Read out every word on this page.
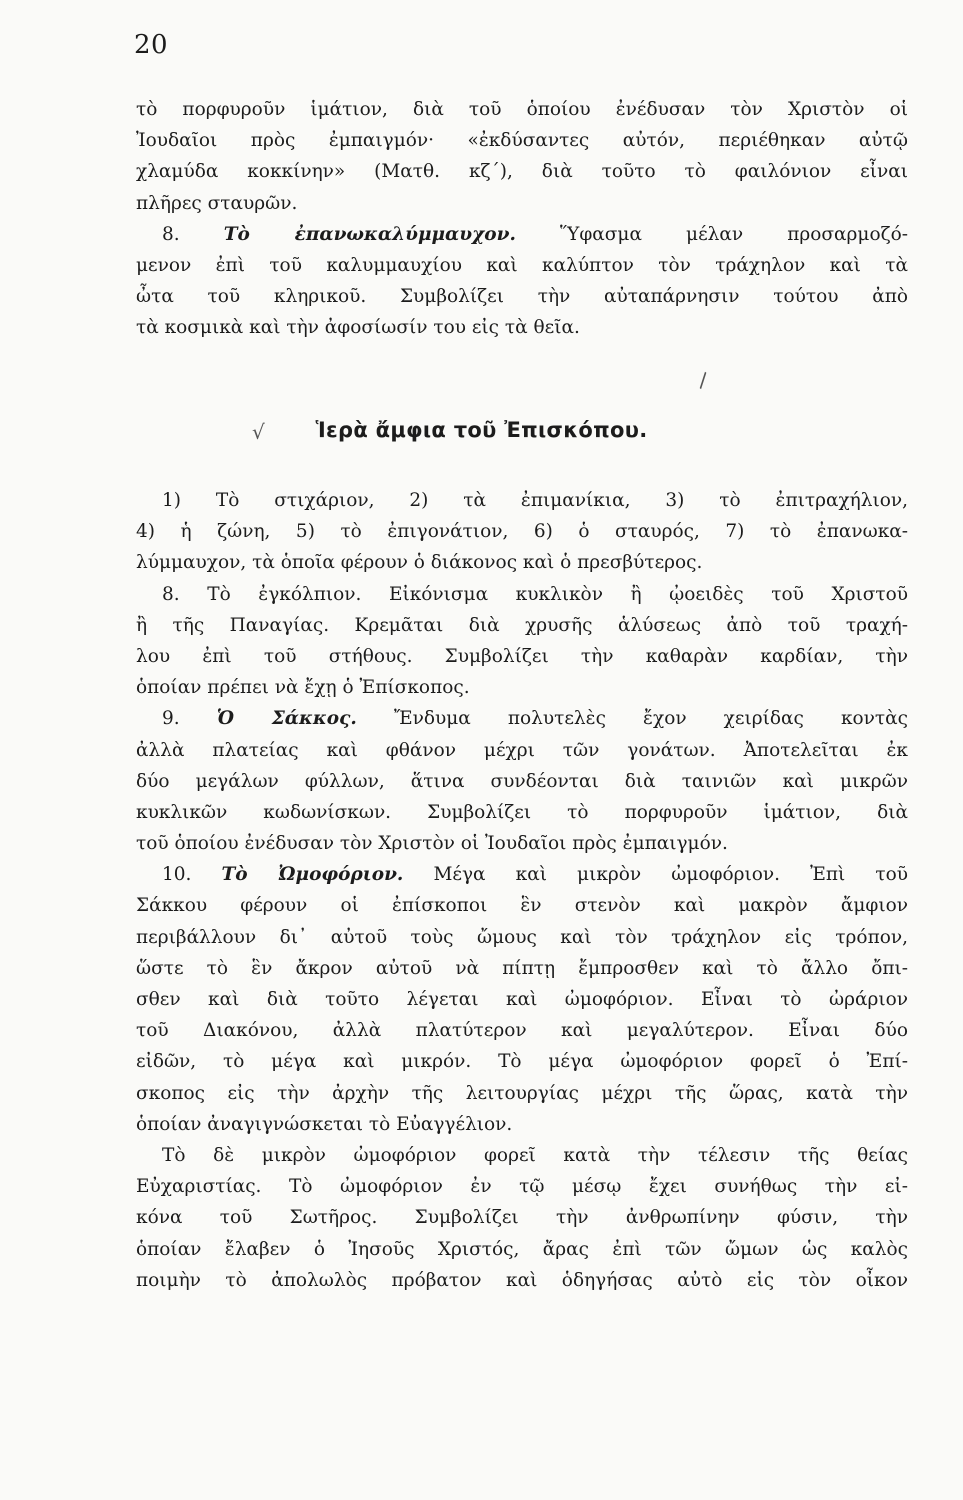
20
τὸ πορφυροῦν ἱμάτιον, διὰ τοῦ ὁποίου ἐνέδυσαν τὸν Χριστὸν οἱ
Ἰουδαῖοι πρὸς ἐμπαιγμόν· «ἐκδύσαντες αὐτόν, περιέθηκαν αὐτῷ
χλαμύδα κοκκίνην» (Ματθ. κζ΄), διὰ τοῦτο τὸ φαιλόνιον εἶναι
πλῆρες σταυρῶν.
8. Τὸ ἐπανωκαλύμμαυχον. Ὕφασμα μέλαν προσαρμοζό-
μενον ἐπὶ τοῦ καλυμμαυχίου καὶ καλύπτον τὸν τράχηλον καὶ τὰ
ὦτα τοῦ κληρικοῦ. Συμβολίζει τὴν αὐταπάρνησιν τούτου ἀπὸ
τὰ κοσμικὰ καὶ τὴν ἀφοσίωσίν του εἰς τὰ θεῖα.
\
√	Ἱερὰ ἄμφια τοῦ Ἐπισκόπου.
1) Τὸ στιχάριον, 2) τὰ ἐπιμανίκια, 3) τὸ ἐπιτραχήλιον,
4) ἡ ζώνη, 5) τὸ ἐπιγονάτιον, 6) ὁ σταυρός, 7) τὸ ἐπανωκα-
λύμμαυχον, τὰ ὁποῖα φέρουν ὁ διάκονος καὶ ὁ πρεσβύτερος.
8. Τὸ ἐγκόλπιον. Εἰκόνισμα κυκλικὸν ἢ ᾠοειδὲς τοῦ Χριστοῦ
ἢ τῆς Παναγίας. Κρεμᾶται διὰ χρυσῆς ἁλύσεως ἀπὸ τοῦ τραχή-
λου ἐπὶ τοῦ στήθους. Συμβολίζει τὴν καθαρὰν καρδίαν, τὴν
ὁποίαν πρέπει νὰ ἔχῃ ὁ Ἐπίσκοπος.
9. Ὁ Σάκκος. Ἔνδυμα πολυτελὲς ἔχον χειρίδας κοντὰς
ἀλλὰ πλατείας καὶ φθάνον μέχρι τῶν γονάτων. Ἀποτελεῖται ἐκ
δύο μεγάλων φύλλων, ἅτινα συνδέονται διὰ ταινιῶν καὶ μικρῶν
κυκλικῶν κωδωνίσκων. Συμβολίζει τὸ πορφυροῦν ἱμάτιον, διὰ
τοῦ ὁποίου ἐνέδυσαν τὸν Χριστὸν οἱ Ἰουδαῖοι πρὸς ἐμπαιγμόν.
10. Τὸ Ὠμοφόριον. Μέγα καὶ μικρὸν ὠμοφόριον. Ἐπὶ τοῦ
Σάκκου φέρουν οἱ ἐπίσκοποι ἓν στενὸν καὶ μακρὸν ἄμφιον
περιβάλλουν δι᾿ αὐτοῦ τοὺς ὤμους καὶ τὸν τράχηλον εἰς τρόπον,
ὥστε τὸ ἓν ἄκρον αὐτοῦ νὰ πίπτῃ ἔμπροσθεν καὶ τὸ ἄλλο ὄπι-
σθεν καὶ διὰ τοῦτο λέγεται καὶ ὠμοφόριον. Εἶναι τὸ ὠράριον
τοῦ Διακόνου, ἀλλὰ πλατύτερον καὶ μεγαλύτερον. Εἶναι δύο
εἰδῶν, τὸ μέγα καὶ μικρόν. Τὸ μέγα ὠμοφόριον φορεῖ ὁ Ἐπί-
σκοπος εἰς τὴν ἀρχὴν τῆς λειτουργίας μέχρι τῆς ὥρας, κατὰ τὴν
ὁποίαν ἀναγιγνώσκεται τὸ Εὐαγγέλιον.
Τὸ δὲ μικρὸν ὠμοφόριον φορεῖ κατὰ τὴν τέλεσιν τῆς θείας
Εὐχαριστίας. Τὸ ὠμοφόριον ἐν τῷ μέσῳ ἔχει συνήθως τὴν εἰ-
κόνα τοῦ Σωτῆρος. Συμβολίζει τὴν ἀνθρωπίνην φύσιν, τὴν
ὁποίαν ἔλαβεν ὁ Ἰησοῦς Χριστός, ἄρας ἐπὶ τῶν ὤμων ὡς καλὸς
ποιμὴν τὸ ἀπολωλὸς πρόβατον καὶ ὁδηγήσας αὐτὸ εἰς τὸν οἶκον
